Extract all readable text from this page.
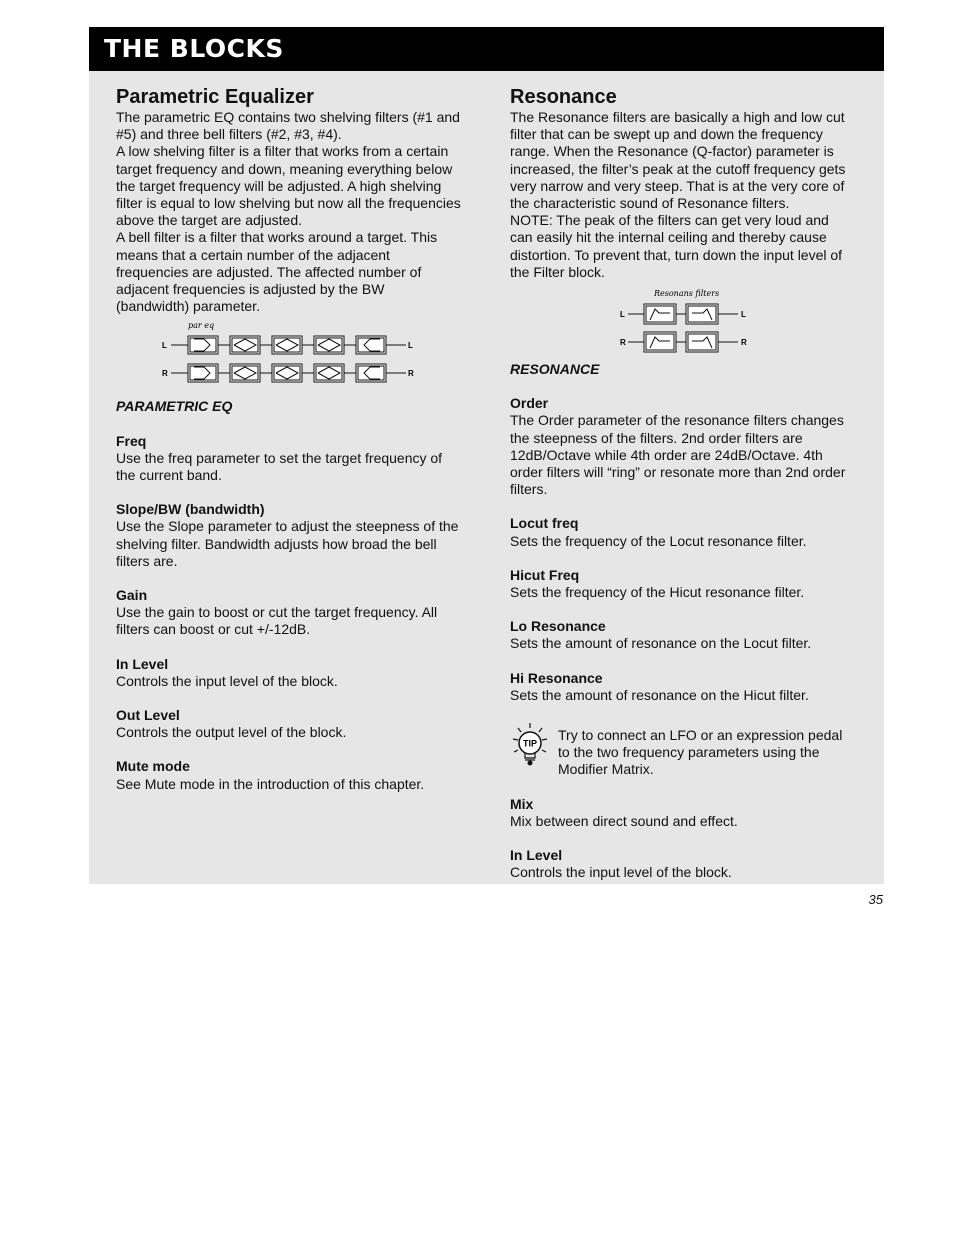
THE BLOCKS
Parametric Equalizer

The parametric EQ contains two shelving filters (#1 and #5) and three bell filters (#2, #3, #4).

A low shelving filter is a filter that works from a certain target frequency and down, meaning everything below the target frequency will be adjusted. A high shelving filter is equal to low shelving but now all the frequencies above the target are adjusted.

A bell filter is a filter that works around a target. This means that a certain number of the adjacent frequencies are adjusted. The affected number of adjacent frequencies is adjusted by the BW (bandwidth) parameter.

par eq
L	L
R	R

PARAMETRIC EQ

Freq

Use the freq parameter to set the target frequency of the current band.

Slope/BW (bandwidth)

Use the Slope parameter to adjust the steepness of the shelving filter. Bandwidth adjusts how broad the bell filters are.

Gain

Use the gain to boost or cut the target frequency. All filters can boost or cut +/-12dB.

In Level

Controls the input level of the block.

Out Level

Controls the output level of the block.

Mute mode

See Mute mode in the introduction of this chapter.

Resonance

The Resonance filters are basically a high and low cut filter that can be swept up and down the frequency range. When the Resonance (Q-factor) parameter is increased, the filter’s peak at the cutoff frequency gets very narrow and very steep. That is at the very core of the characteristic sound of Resonance filters.

NOTE: The peak of the filters can get very loud and can easily hit the internal ceiling and thereby cause distortion. To prevent that, turn down the input level of the Filter block.

Resonans filters
L	L
R	R

RESONANCE

Order

The Order parameter of the resonance filters changes the steepness of the filters. 2nd order filters are 12dB/Octave while 4th order are 24dB/Octave. 4th order filters will “ring” or resonate more than 2nd order filters.

Locut freq

Sets the frequency of the Locut resonance filter.

Hicut Freq

Sets the frequency of the Hicut resonance filter.

Lo Resonance

Sets the amount of resonance on the Locut filter.

Hi Resonance

Sets the amount of resonance on the Hicut filter.

TIP

Try to connect an LFO or an expression pedal to the two frequency parameters using the Modifier Matrix.

Mix

Mix between direct sound and effect.

In Level

Controls the input level of the block.

35
